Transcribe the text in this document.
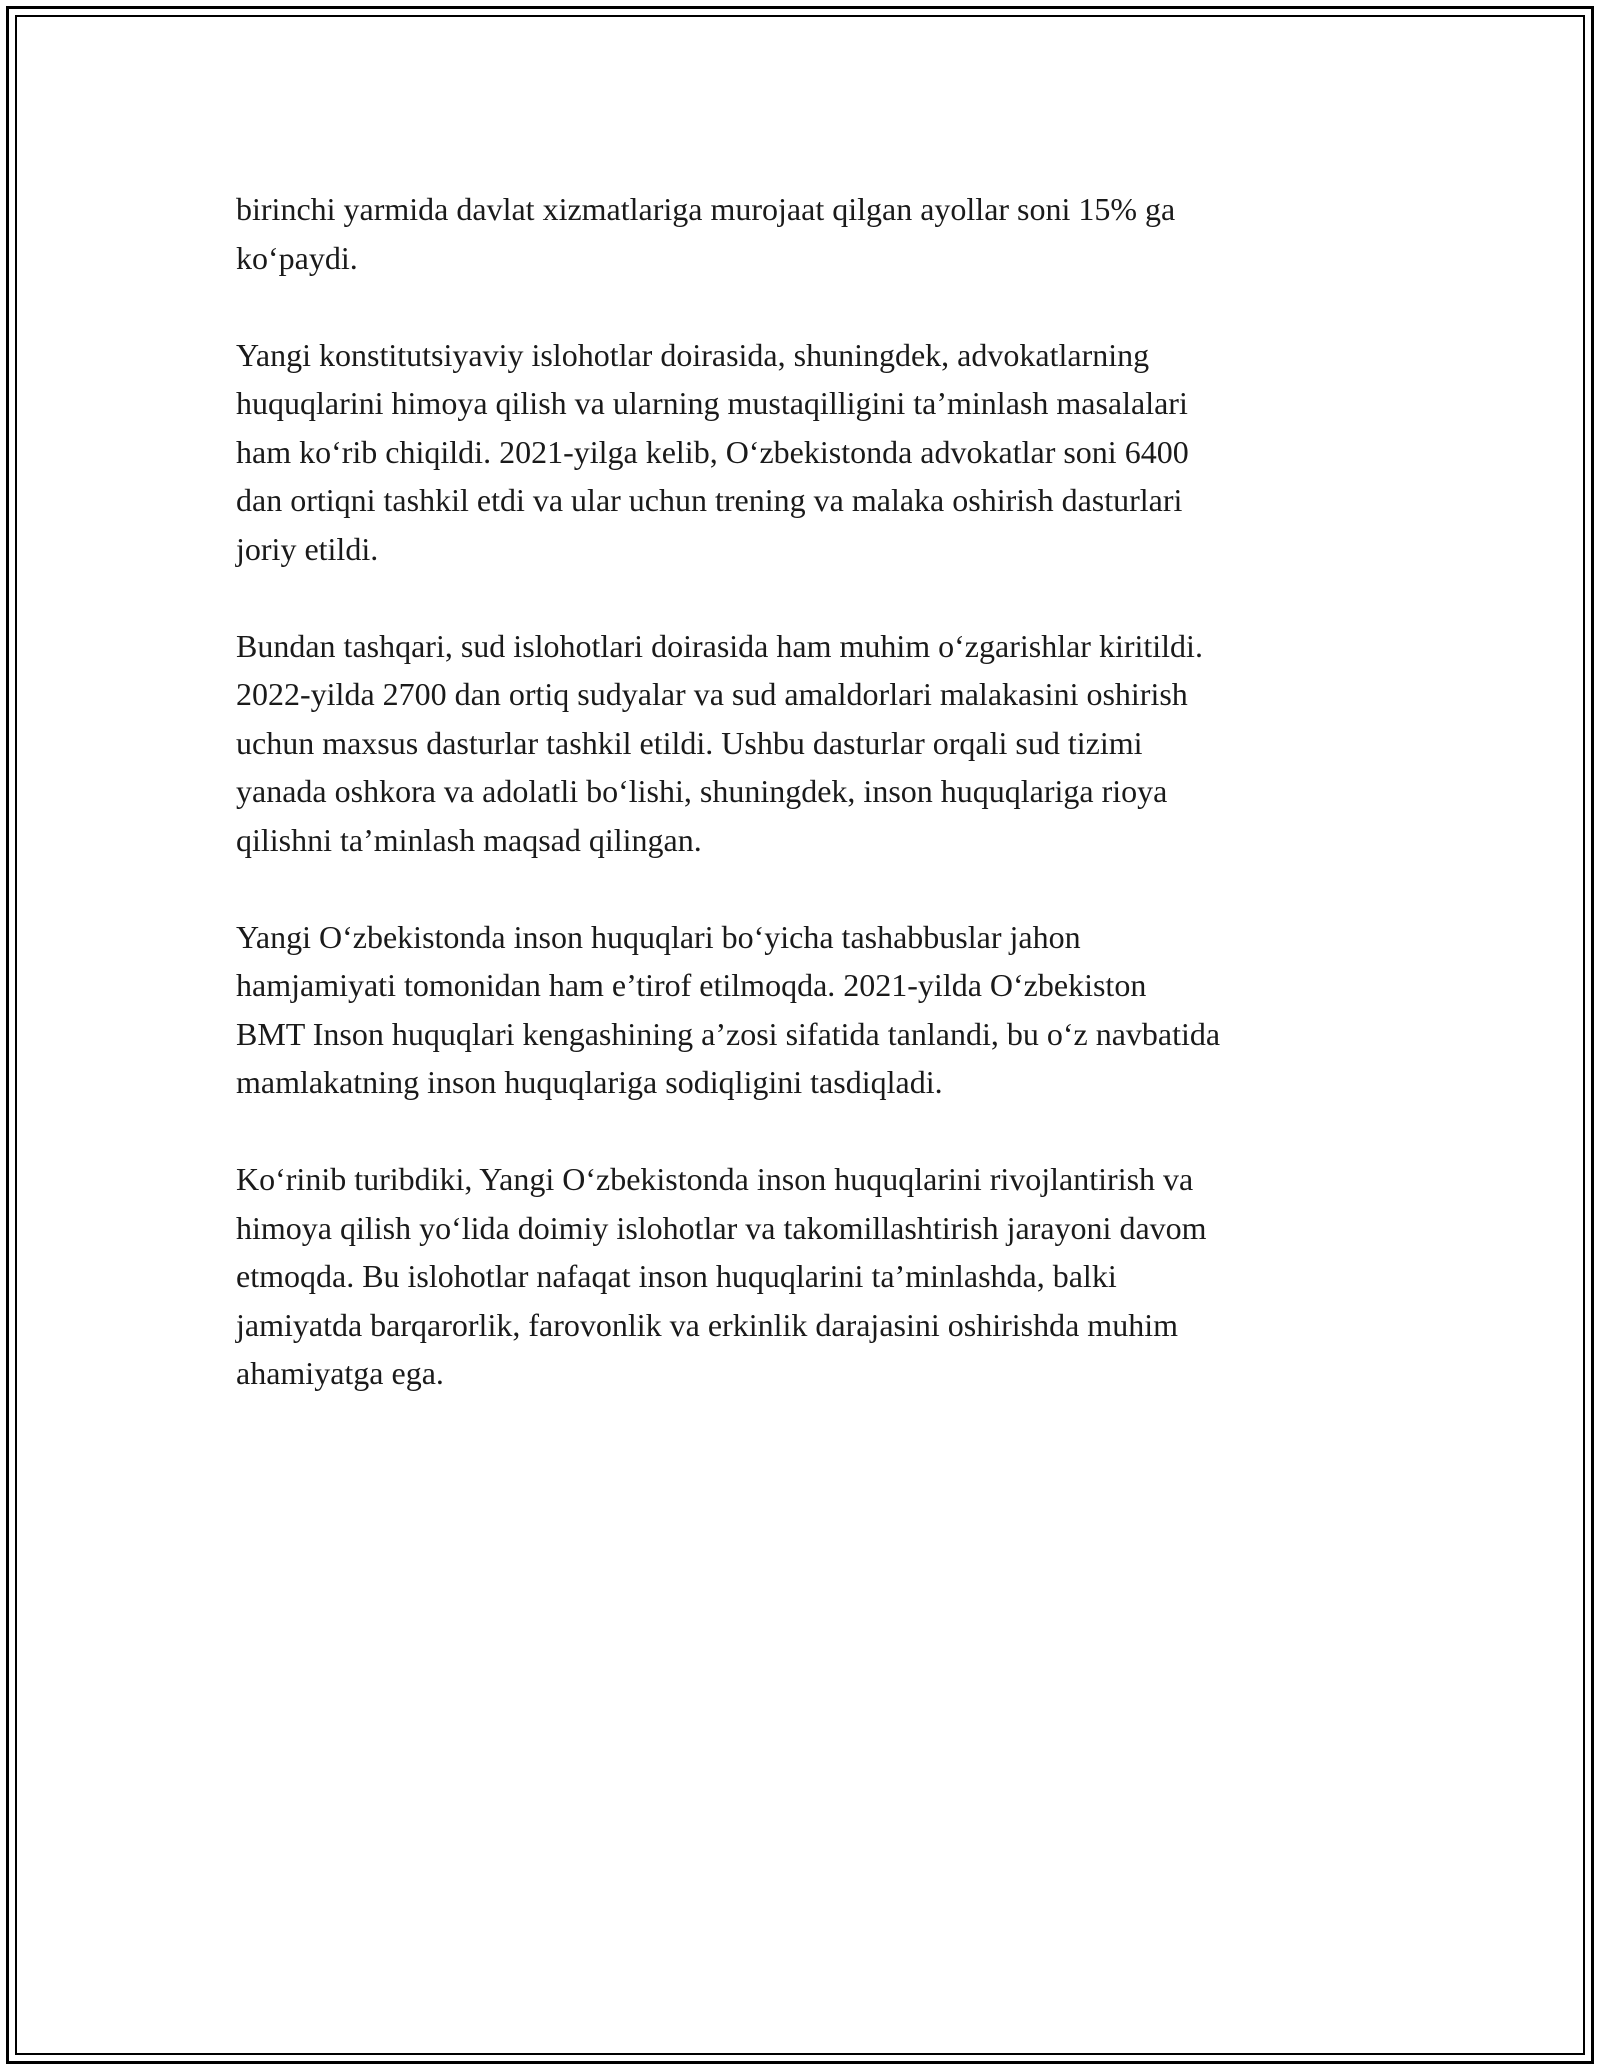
birinchi yarmida davlat xizmatlariga murojaat qilgan ayollar soni 15% ga
ko‘paydi.

Yangi konstitutsiyaviy islohotlar doirasida, shuningdek, advokatlarning
huquqlarini himoya qilish va ularning mustaqilligini ta’minlash masalalari
ham ko‘rib chiqildi. 2021-yilga kelib, O‘zbekistonda advokatlar soni 6400
dan ortiqni tashkil etdi va ular uchun trening va malaka oshirish dasturlari
joriy etildi.

Bundan tashqari, sud islohotlari doirasida ham muhim o‘zgarishlar kiritildi.
2022-yilda 2700 dan ortiq sudyalar va sud amaldorlari malakasini oshirish
uchun maxsus dasturlar tashkil etildi. Ushbu dasturlar orqali sud tizimi
yanada oshkora va adolatli bo‘lishi, shuningdek, inson huquqlariga rioya
qilishni ta’minlash maqsad qilingan.

Yangi O‘zbekistonda inson huquqlari bo‘yicha tashabbuslar jahon
hamjamiyati tomonidan ham e’tirof etilmoqda. 2021-yilda O‘zbekiston
BMT Inson huquqlari kengashining a’zosi sifatida tanlandi, bu o‘z navbatida
mamlakatning inson huquqlariga sodiqligini tasdiqladi.

Ko‘rinib turibdiki, Yangi O‘zbekistonda inson huquqlarini rivojlantirish va
himoya qilish yo‘lida doimiy islohotlar va takomillashtirish jarayoni davom
etmoqda. Bu islohotlar nafaqat inson huquqlarini ta’minlashda, balki
jamiyatda barqarorlik, farovonlik va erkinlik darajasini oshirishda muhim
ahamiyatga ega.
